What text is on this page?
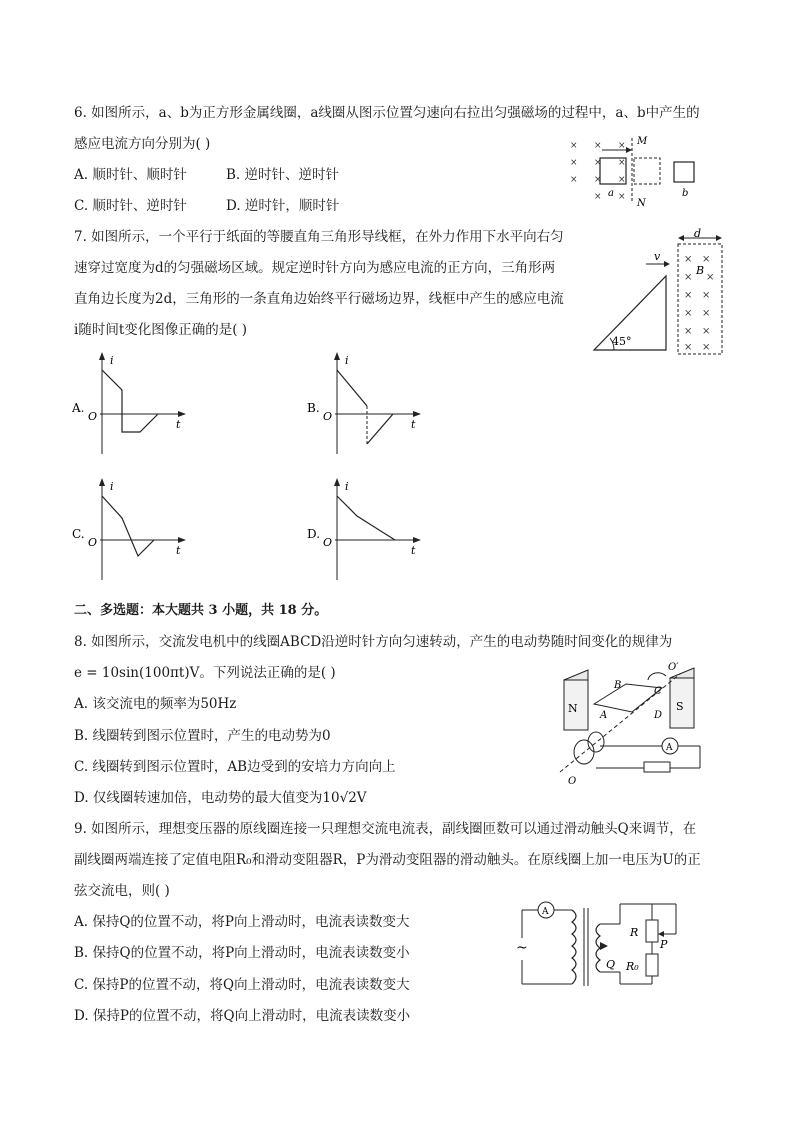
6. 如图所示，a、b为正方形金属线圈，a线圈从图示位置匀速向右拉出匀强磁场的过程中，a、b中产生的
感应电流方向分别为( )
A. 顺时针、顺时针	B. 逆时针、逆时针
C. 顺时针、逆时针	D. 逆时针，顺时针
× × ×
× × ×
× × ×
× ×
M
N
a	b
7. 如图所示，一个平行于纸面的等腰直角三角形导线框，在外力作用下水平向右匀
速穿过宽度为d的匀强磁场区域。规定逆时针方向为感应电流的正方向，三角形两
直角边长度为2d，三角形的一条直角边始终平行磁场边界，线框中产生的感应电流
i随时间t变化图像正确的是( )
d
× ×
× ×
× ×
× ×
× ×
× ×
B
45°
v
A.
i
O
t
B.
i
O
t
C.
i
O
t
D.
i
O
t
二、多选题：本大题共 3 小题，共 18 分。
8. 如图所示，交流发电机中的线圈ABCD沿逆时针方向匀速转动，产生的电动势随时间变化的规律为
e = 10sin(100πt)V。下列说法正确的是( )
A. 该交流电的频率为50Hz
B. 线圈转到图示位置时，产生的电动势为0
C. 线圈转到图示位置时，AB边受到的安培力方向向上
D. 仅线圈转速加倍，电动势的最大值变为10√2V
N	S
B
A	D
C
O′
O
A
9. 如图所示，理想变压器的原线圈连接一只理想交流电流表，副线圈匝数可以通过滑动触头Q来调节，在
副线圈两端连接了定值电阻R₀和滑动变阻器R，P为滑动变阻器的滑动触头。在原线圈上加一电压为U的正
弦交流电，则( )
A. 保持Q的位置不动，将P向上滑动时，电流表读数变大
B. 保持Q的位置不动，将P向上滑动时，电流表读数变小
C. 保持P的位置不动，将Q向上滑动时，电流表读数变大
D. 保持P的位置不动，将Q向上滑动时，电流表读数变小
A
~
Q
R
P
R₀
